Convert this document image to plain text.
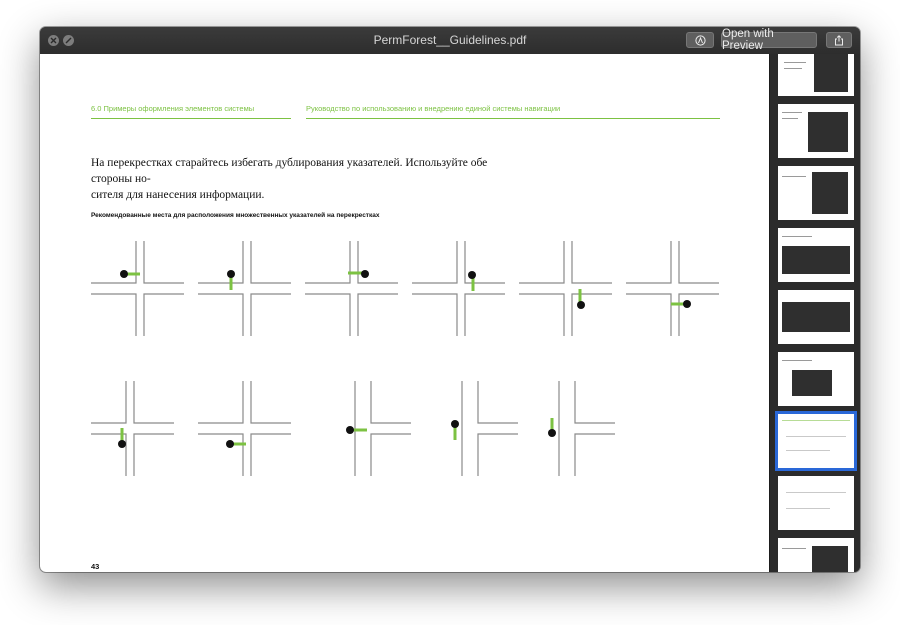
PermForest__Guidelines.pdf	Open with Preview
6.0 Примеры оформления элементов системы	Руководство по использованию и внедрению единой системы навигации
На перекрестках старайтесь избегать дублирования указателей. Используйте обе стороны но-
сителя для нанесения информации.
Рекомендованные места для расположения множественных указателей на перекрестках
43
